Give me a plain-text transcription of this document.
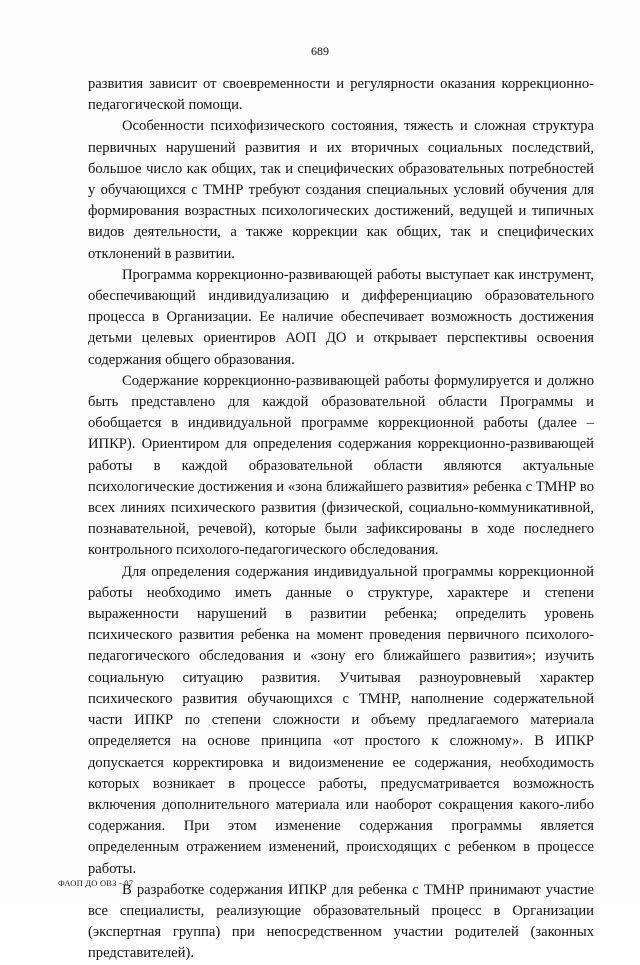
689

развития зависит от своевременности и регулярности оказания коррекционно-педагогической помощи.

Особенности психофизического состояния, тяжесть и сложная структура первичных нарушений развития и их вторичных социальных последствий, большое число как общих, так и специфических образовательных потребностей у обучающихся с ТМНР требуют создания специальных условий обучения для формирования возрастных психологических достижений, ведущей и типичных видов деятельности, а также коррекции как общих, так и специфических отклонений в развитии.

Программа коррекционно-развивающей работы выступает как инструмент, обеспечивающий индивидуализацию и дифференциацию образовательного процесса в Организации. Ее наличие обеспечивает возможность достижения детьми целевых ориентиров АОП ДО и открывает перспективы освоения содержания общего образования.

Содержание коррекционно-развивающей работы формулируется и должно быть представлено для каждой образовательной области Программы и обобщается в индивидуальной программе коррекционной работы (далее – ИПКР). Ориентиром для определения содержания коррекционно-развивающей работы в каждой образовательной области являются актуальные психологические достижения и «зона ближайшего развития» ребенка с ТМНР во всех линиях психического развития (физической, социально-коммуникативной, познавательной, речевой), которые были зафиксированы в ходе последнего контрольного психолого-педагогического обследования.

Для определения содержания индивидуальной программы коррекционной работы необходимо иметь данные о структуре, характере и степени выраженности нарушений в развитии ребенка; определить уровень психического развития ребенка на момент проведения первичного психолого-педагогического обследования и «зону его ближайшего развития»; изучить социальную ситуацию развития. Учитывая разноуровневый характер психического развития обучающихся с ТМНР, наполнение содержательной части ИПКР по степени сложности и объему предлагаемого материала определяется на основе принципа «от простого к сложному». В ИПКР допускается корректировка и видоизменение ее содержания, необходимость которых возникает в процессе работы, предусматривается возможность включения дополнительного материала или наоборот сокращения какого-либо содержания. При этом изменение содержания программы является определенным отражением изменений, происходящих с ребенком в процессе работы.

В разработке содержания ИПКР для ребенка с ТМНР принимают участие все специалисты, реализующие образовательный процесс в Организации (экспертная группа) при непосредственном участии родителей (законных представителей).

ФАОП ДО ОВЗ - 07
